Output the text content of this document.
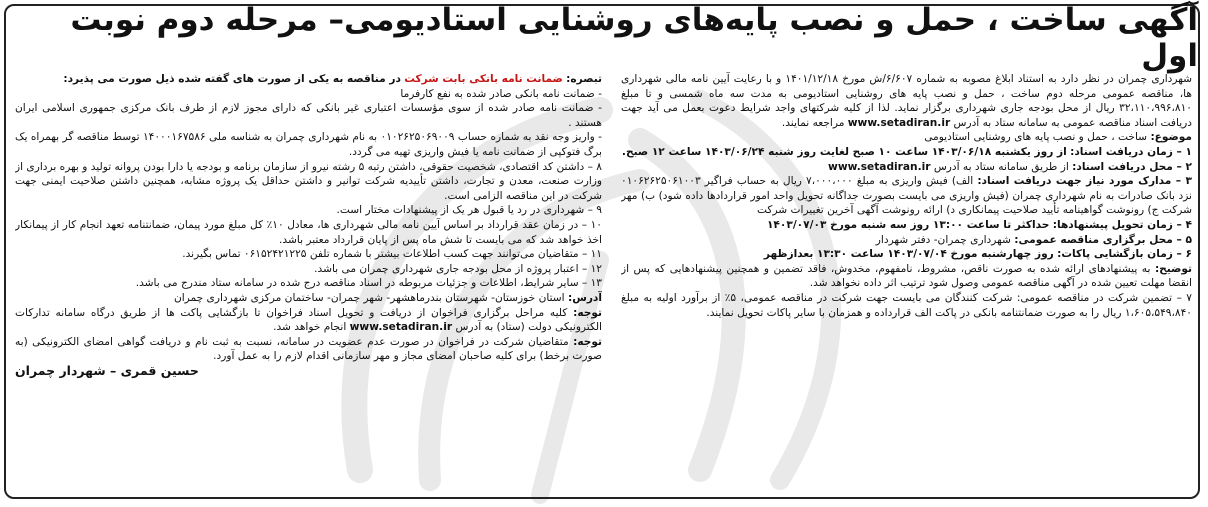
آگهی ساخت ، حمل و نصب پایه‌های روشنایی استادیومی– مرحله دوم نوبت اول

شهرداری چمران در نظر دارد به استناد ابلاغ مصوبه به شماره ۶/۶۰۷/ش مورخ ۱۴۰۱/۱۲/۱۸ و با رعایت آیین نامه مالی شهرداری ها، مناقصه عمومی مرحله دوم ساخت ، حمل و نصب پایه های روشنایی استادیومی به مدت سه ماه شمسی و تا مبلغ ۳۲،۱۱۰،۹۹۶،۸۱۰ ریال از محل بودجه جاری شهرداری برگزار نماید. لذا از کلیه شرکتهای واجد شرایط دعوت بعمل می آید جهت دریافت اسناد مناقصه عمومی به سامانه ستاد به آدرس www.setadiran.ir مراجعه نمایند.

موضوع: ساخت ، حمل و نصب پایه های روشنایی استادیومی

۱ – زمان دریافت اسناد: از روز یکشنبه ۱۴۰۳/۰۶/۱۸ ساعت ۱۰ صبح لغایت روز شنبه ۱۴۰۳/۰۶/۲۴ ساعت ۱۲ صبح.

۲ – محل دریافت اسناد: از طریق سامانه ستاد به آدرس www.setadiran.ir

۳ – مدارک مورد نیاز جهت دریافت اسناد: الف) فیش واریزی به مبلغ ۷،۰۰۰،۰۰۰ ریال به حساب فراگیر ۰۱۰۶۲۶۲۵۰۶۱۰۰۳ نزد بانک صادرات به نام شهرداری چمران (فیش واریزی می بایست بصورت جداگانه تحویل واحد امور قراردادها داده شود) ب) مهر شرکت ج) رونوشت گواهینامه تأیید صلاحیت پیمانکاری د) ارائه رونوشت آگهی آخرین تغییرات شرکت

۴ – زمان تحویل پیشنهادها: حداکثر تا ساعت ۱۳:۰۰ روز سه شنبه مورخ ۱۴۰۳/۰۷/۰۳

۵ – محل برگزاری مناقصه عمومی: شهرداری چمران- دفتر شهردار

۶ – زمان بازگشایی پاکات: روز چهارشنبه مورخ ۱۴۰۳/۰۷/۰۴ ساعت ۱۳:۳۰ بعدازظهر

توضیح: به پیشنهادهای ارائه شده به صورت ناقص، مشروط، نامفهوم، مخدوش، فاقد تضمین و همچنین پیشنهادهایی که پس از انقضا مهلت تعیین شده در آگهی مناقصه عمومی وصول شود ترتیب اثر داده نخواهد شد.

۷ – تضمین شرکت در مناقصه عمومی: شرکت کنندگان می بایست جهت شرکت در مناقصه عمومی، ۵٪ از برآورد اولیه به مبلغ ۱،۶۰۵،۵۴۹،۸۴۰ ریال را به صورت ضمانتنامه بانکی در پاکت الف قرارداده و همزمان با سایر پاکات تحویل نمایند.

تبصره: ضمانت نامه بانکی بابت شرکت در مناقصه به یکی از صورت های گفته شده ذیل صورت می پذیرد:

- ضمانت نامه بانکی صادر شده به نفع کارفرما

- ضمانت نامه صادر شده از سوی مؤسسات اعتباری غیر بانکی که دارای مجوز لازم از طرف بانک مرکزی جمهوری اسلامی ایران هستند .

- واریز وجه نقد به شماره حساب ۰۱۰۲۶۲۵۰۶۹۰۰۹ به نام شهرداری چمران به شناسه ملی ۱۴۰۰۰۱۶۷۵۸۶ توسط مناقصه گر بهمراه یک برگ فتوکپی از ضمانت نامه یا فیش واریزی تهیه می گردد.

۸ – داشتن کد اقتصادی، شخصیت حقوقی، داشتن رتبه ۵ رشته نیرو از سازمان برنامه و بودجه یا دارا بودن پروانه تولید و بهره برداری از وزارت صنعت، معدن و تجارت، داشتن تأییدیه شرکت توانیر و داشتن حداقل یک پروژه مشابه، همچنین داشتن صلاحیت ایمنی جهت شرکت در این مناقصه الزامی است.

۹ – شهرداری در رد یا قبول هر یک از پیشنهادات مختار است.

۱۰ – در زمان عقد قرارداد بر اساس آیین نامه مالی شهرداری ها، معادل ۱۰٪ کل مبلغ مورد پیمان، ضمانتنامه تعهد انجام کار از پیمانکار اخذ خواهد شد که می بایست تا شش ماه پس از پایان قرارداد معتبر باشد.

۱۱ – متقاضیان می‌توانند جهت کسب اطلاعات بیشتر با شماره تلفن ۰۶۱۵۲۴۲۱۲۲۵ تماس بگیرند.

۱۲ – اعتبار پروژه از محل بودجه جاری شهرداری چمران می باشد.

۱۳ – سایر شرایط، اطلاعات و جزئیات مربوطه در اسناد مناقصه درج شده در سامانه ستاد مندرج می باشد.

آدرس: استان خوزستان- شهرستان بندرماهشهر- شهر چمران- ساختمان مرکزی شهرداری چمران

توجه: کلیه مراحل برگزاری فراخوان از دریافت و تحویل اسناد فراخوان تا بازگشایی پاکت ها از طریق درگاه سامانه تدارکات الکترونیکی دولت (ستاد) به آدرس www.setadiran.ir انجام خواهد شد.

توجه: متقاضیان شرکت در فراخوان در صورت عدم عضویت در سامانه، نسبت به ثبت نام و دریافت گواهی امضای الکترونیکی (به صورت برخط) برای کلیه صاحبان امضای مجاز و مهر سازمانی اقدام لازم را به عمل آورد.

حسین قمری – شهردار چمران
